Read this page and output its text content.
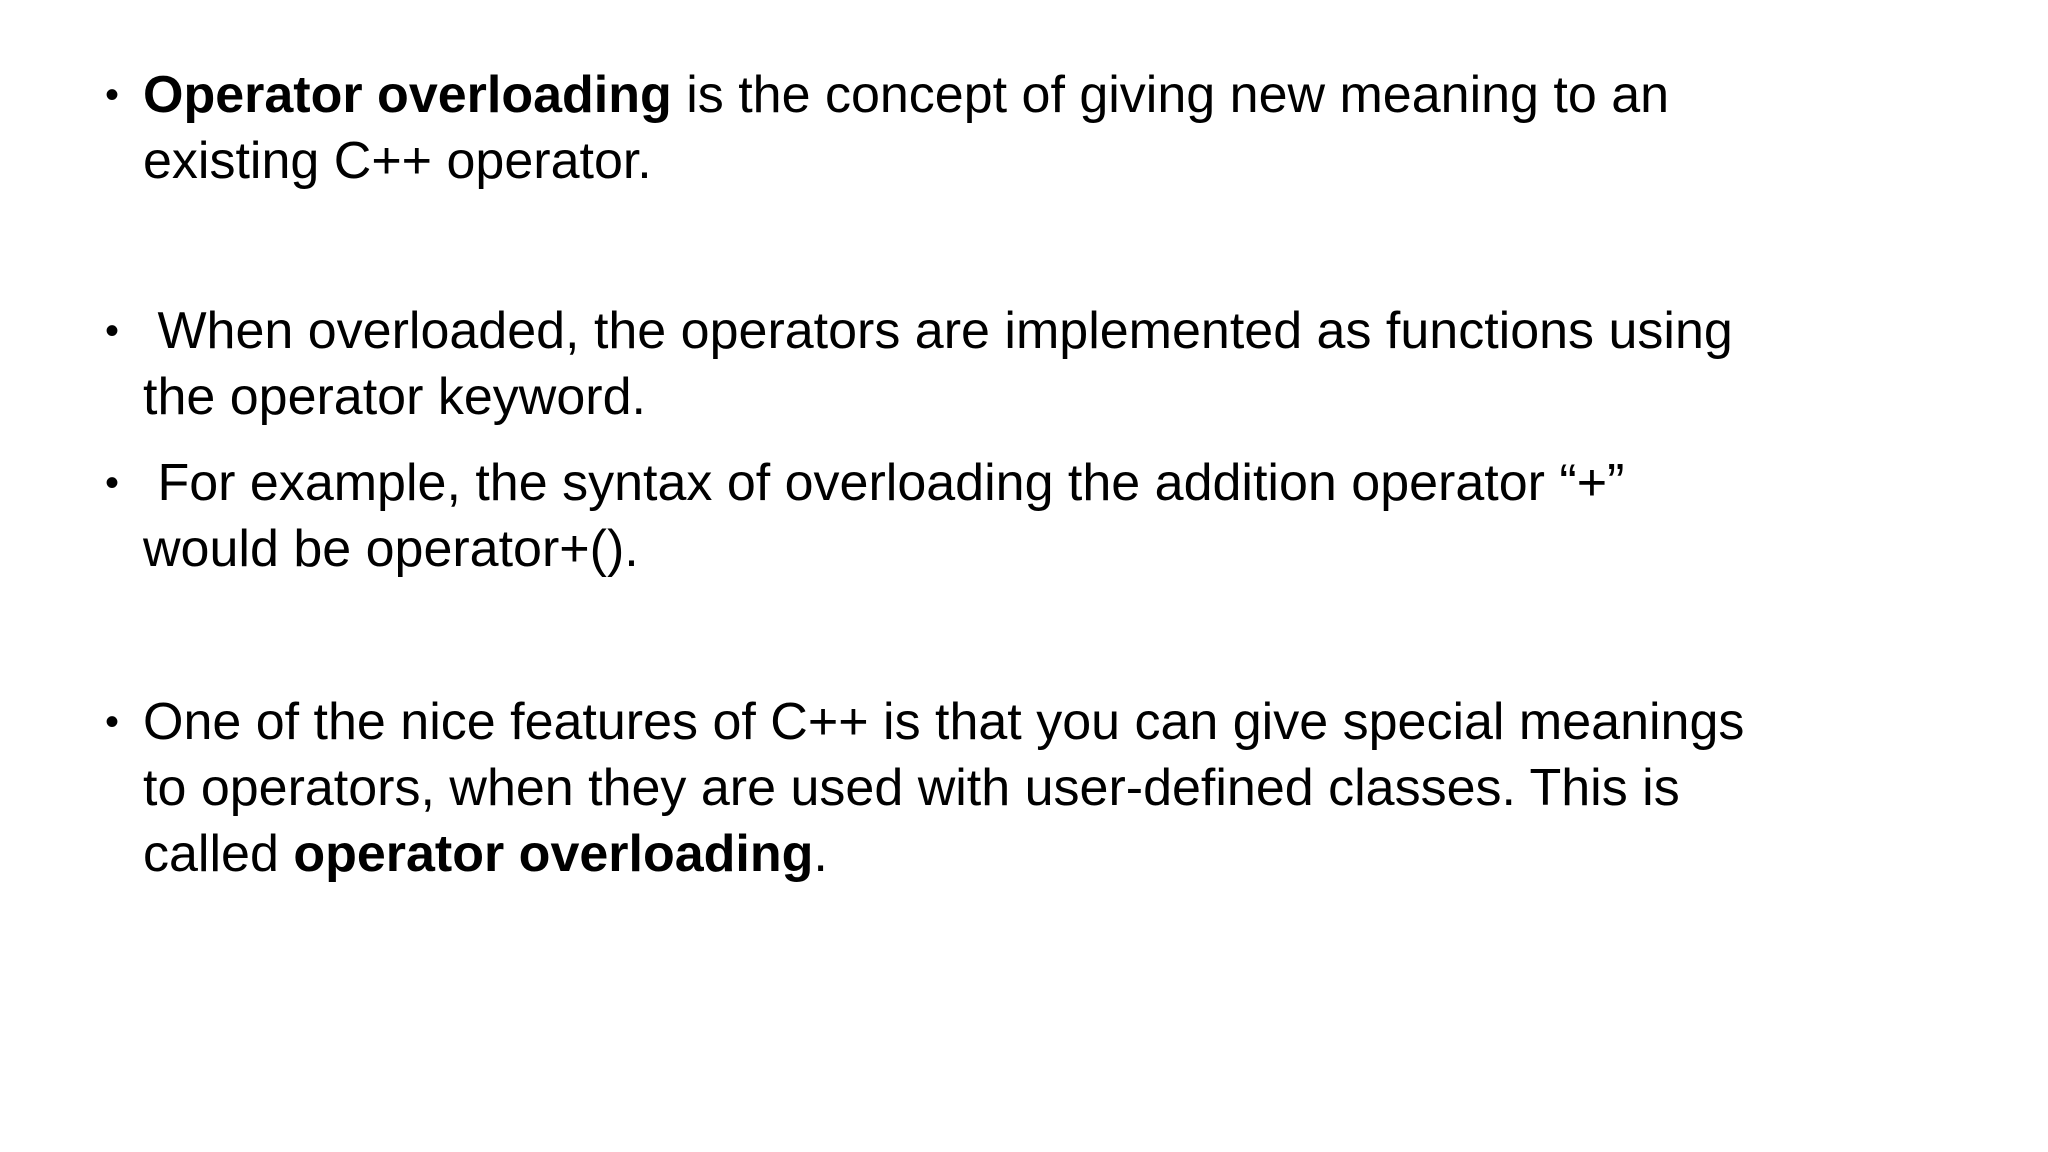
• Operator overloading is the concept of giving new meaning to an
existing C++ operator.
• When overloaded, the operators are implemented as functions using
the operator keyword.
• For example, the syntax of overloading the addition operator “+”
would be operator+().
• One of the nice features of C++ is that you can give special meanings
to operators, when they are used with user-defined classes. This is
called operator overloading.
